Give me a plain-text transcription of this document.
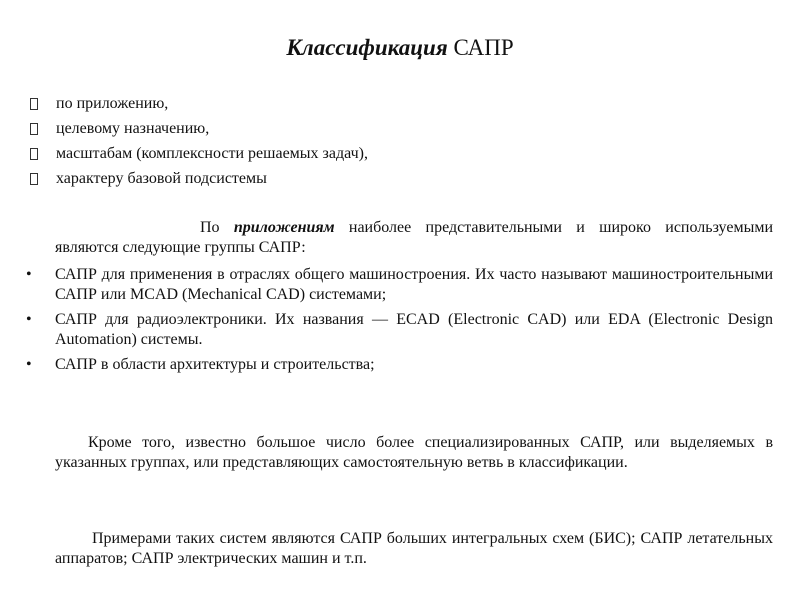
Классификация САПР
по приложению,
целевому назначению,
масштабам (комплексности решаемых задач),
характеру базовой подсистемы
По приложениям наиболее представительными и широко используемыми являются следующие группы САПР:
• САПР для применения в отраслях общего машиностроения. Их часто называют машиностроительными САПР или MCAD (Mechanical CAD) системами;
• САПР для радиоэлектроники. Их названия — ECAD (Electronic CAD) или EDA (Electronic Design Automation) системы.
• САПР в области архитектуры и строительства;
Кроме того, известно большое число более специализированных САПР, или выделяемых в указанных группах, или представляющих самостоятельную ветвь в классификации.
Примерами таких систем являются САПР больших интегральных схем (БИС); САПР летательных аппаратов; САПР электрических машин и т.п.
